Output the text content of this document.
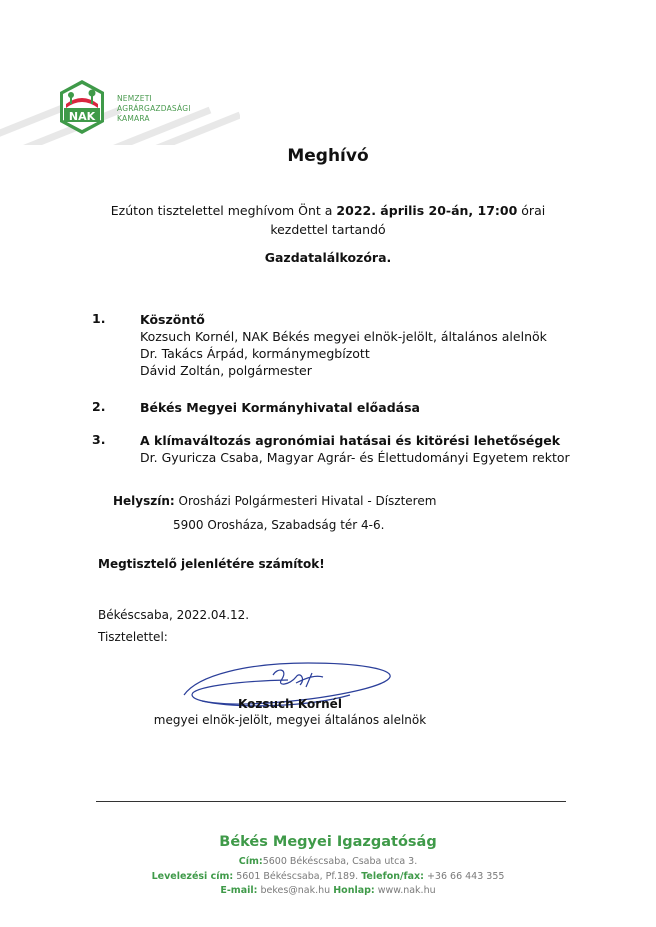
NAK
NEMZETI
AGRÁRGAZDASÁGI
KAMARA
Meghívó
Ezúton tisztelettel meghívom Önt a 2022. április 20-án, 17:00 órai
kezdettel tartandó
Gazdatalálkozóra.
1.	Köszöntő
Kozsuch Kornél, NAK Békés megyei elnök-jelölt, általános alelnök
Dr. Takács Árpád, kormánymegbízott
Dávid Zoltán, polgármester
2.	Békés Megyei Kormányhivatal előadása
3.	A klímaváltozás agronómiai hatásai és kitörési lehetőségek
Dr. Gyuricza Csaba, Magyar Agrár- és Élettudományi Egyetem rektor
Helyszín: Orosházi Polgármesteri Hivatal - Díszterem
5900 Orosháza, Szabadság tér 4-6.
Megtisztelő jelenlétére számítok!
Békéscsaba, 2022.04.12.
Tisztelettel:
Kozsuch Kornél
megyei elnök-jelölt, megyei általános alelnök
Békés Megyei Igazgatóság
Cím:5600 Békéscsaba, Csaba utca 3.
Levelezési cím: 5601 Békéscsaba, Pf.189. Telefon/fax: +36 66 443 355
E-mail: bekes@nak.hu Honlap: www.nak.hu
